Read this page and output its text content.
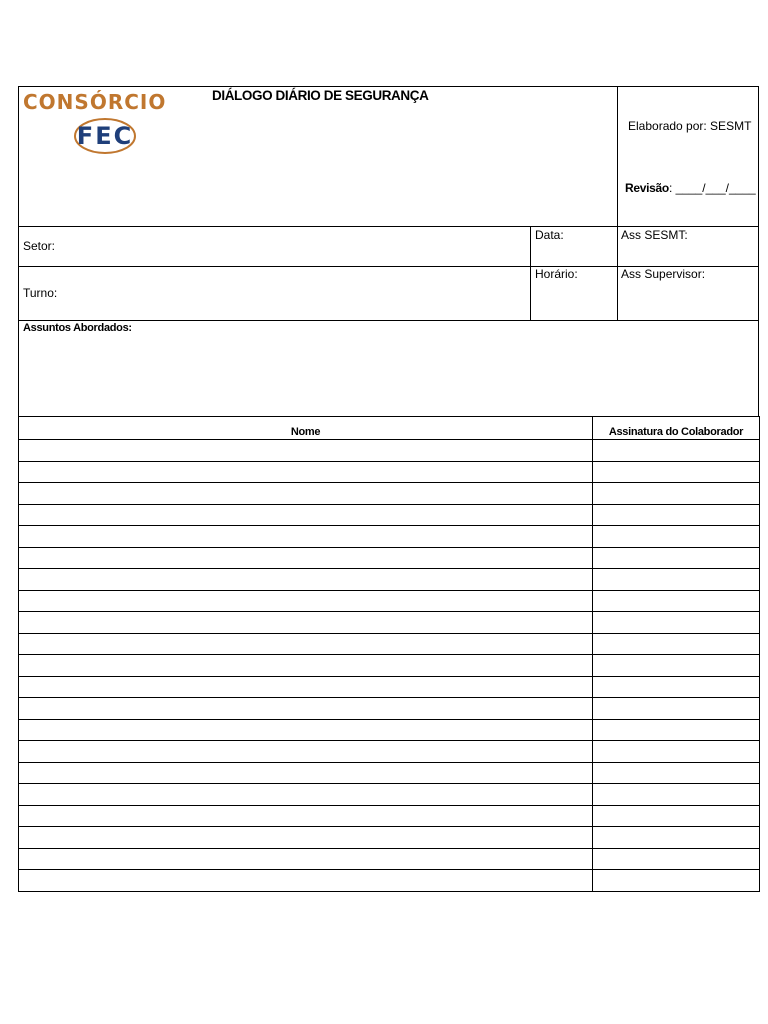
CONSÓRCIO
FEC
DIÁLOGO DIÁRIO DE SEGURANÇA
Elaborado por: SESMT
Revisão: ____/___/____
Setor:
Data:	Ass SESMT:
Turno:
Horário:	Ass Supervisor:
Assuntos Abordados:
Nome	Assinatura do Colaborador
